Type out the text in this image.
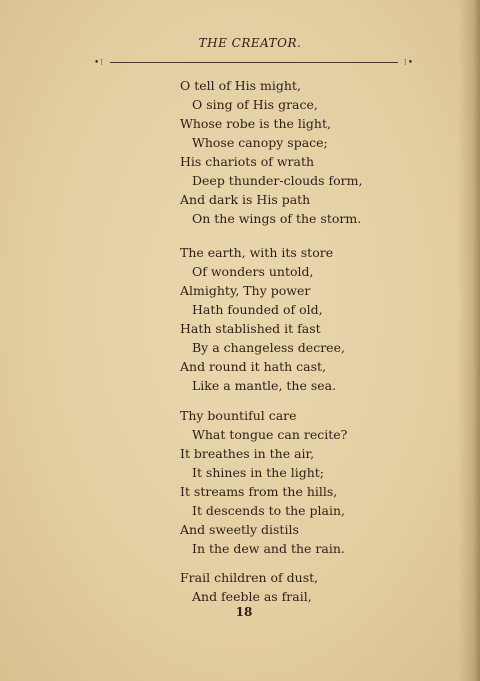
THE CREATOR.
•⁝	⁝•
O tell of His might,
O sing of His grace,
Whose robe is the light,
Whose canopy space;
His chariots of wrath
Deep thunder-clouds form,
And dark is His path
On the wings of the storm.
The earth, with its store
Of wonders untold,
Almighty, Thy power
Hath founded of old,
Hath stablished it fast
By a changeless decree,
And round it hath cast,
Like a mantle, the sea.
Thy bountiful care
What tongue can recite?
It breathes in the air,
It shines in the light;
It streams from the hills,
It descends to the plain,
And sweetly distils
In the dew and the rain.
Frail children of dust,
And feeble as frail,
18
